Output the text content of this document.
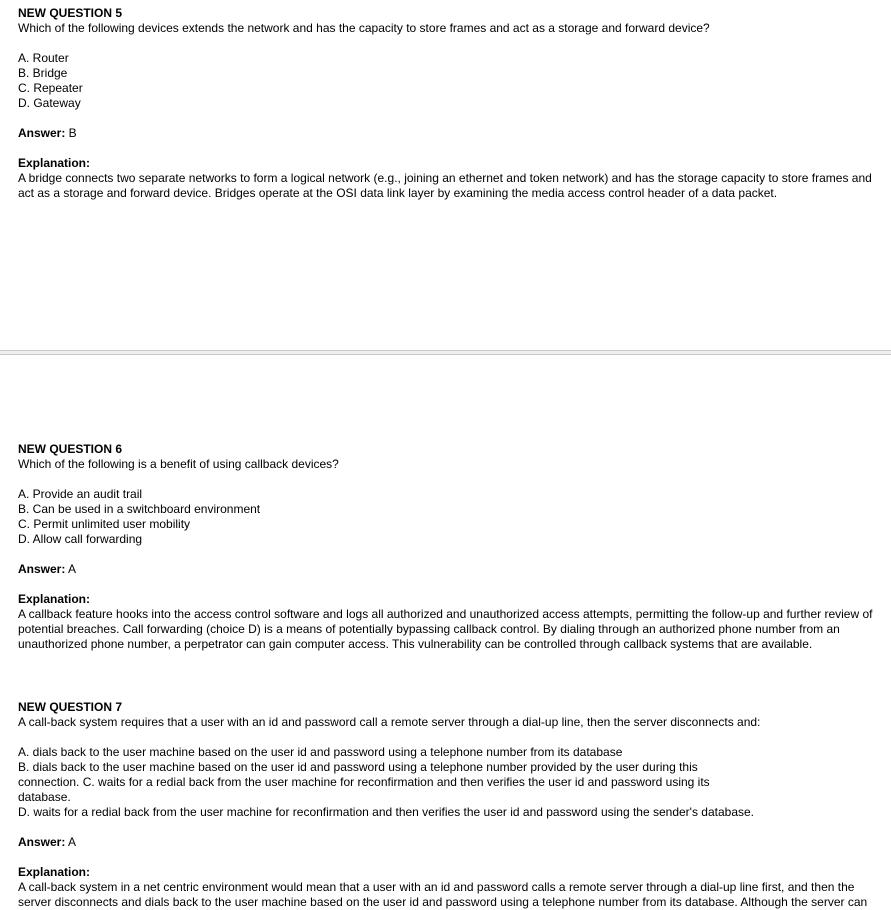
NEW QUESTION 5
Which of the following devices extends the network and has the capacity to store frames and act as a storage and forward device?
A. Router
B. Bridge
C. Repeater
D. Gateway
Answer: B
Explanation:
A bridge connects two separate networks to form a logical network (e.g., joining an ethernet and token network) and has the storage capacity to store frames and act as a storage and forward device. Bridges operate at the OSI data link layer by examining the media access control header of a data packet.
NEW QUESTION 6
Which of the following is a benefit of using callback devices?
A. Provide an audit trail
B. Can be used in a switchboard environment
C. Permit unlimited user mobility
D. Allow call forwarding
Answer: A
Explanation:
A callback feature hooks into the access control software and logs all authorized and unauthorized access attempts, permitting the follow-up and further review of potential breaches. Call forwarding (choice D) is a means of potentially bypassing callback control. By dialing through an authorized phone number from an unauthorized phone number, a perpetrator can gain computer access. This vulnerability can be controlled through callback systems that are available.
NEW QUESTION 7
A call-back system requires that a user with an id and password call a remote server through a dial-up line, then the server disconnects and:
A. dials back to the user machine based on the user id and password using a telephone number from its database
B. dials back to the user machine based on the user id and password using a telephone number provided by the user during this connection. C. waits for a redial back from the user machine for reconfirmation and then verifies the user id and password using its database.
D. waits for a redial back from the user machine for reconfirmation and then verifies the user id and password using the sender's database.
Answer: A
Explanation:
A call-back system in a net centric environment would mean that a user with an id and password calls a remote server through a dial-up line first, and then the server disconnects and dials back to the user machine based on the user id and password using a telephone number from its database. Although the server can
